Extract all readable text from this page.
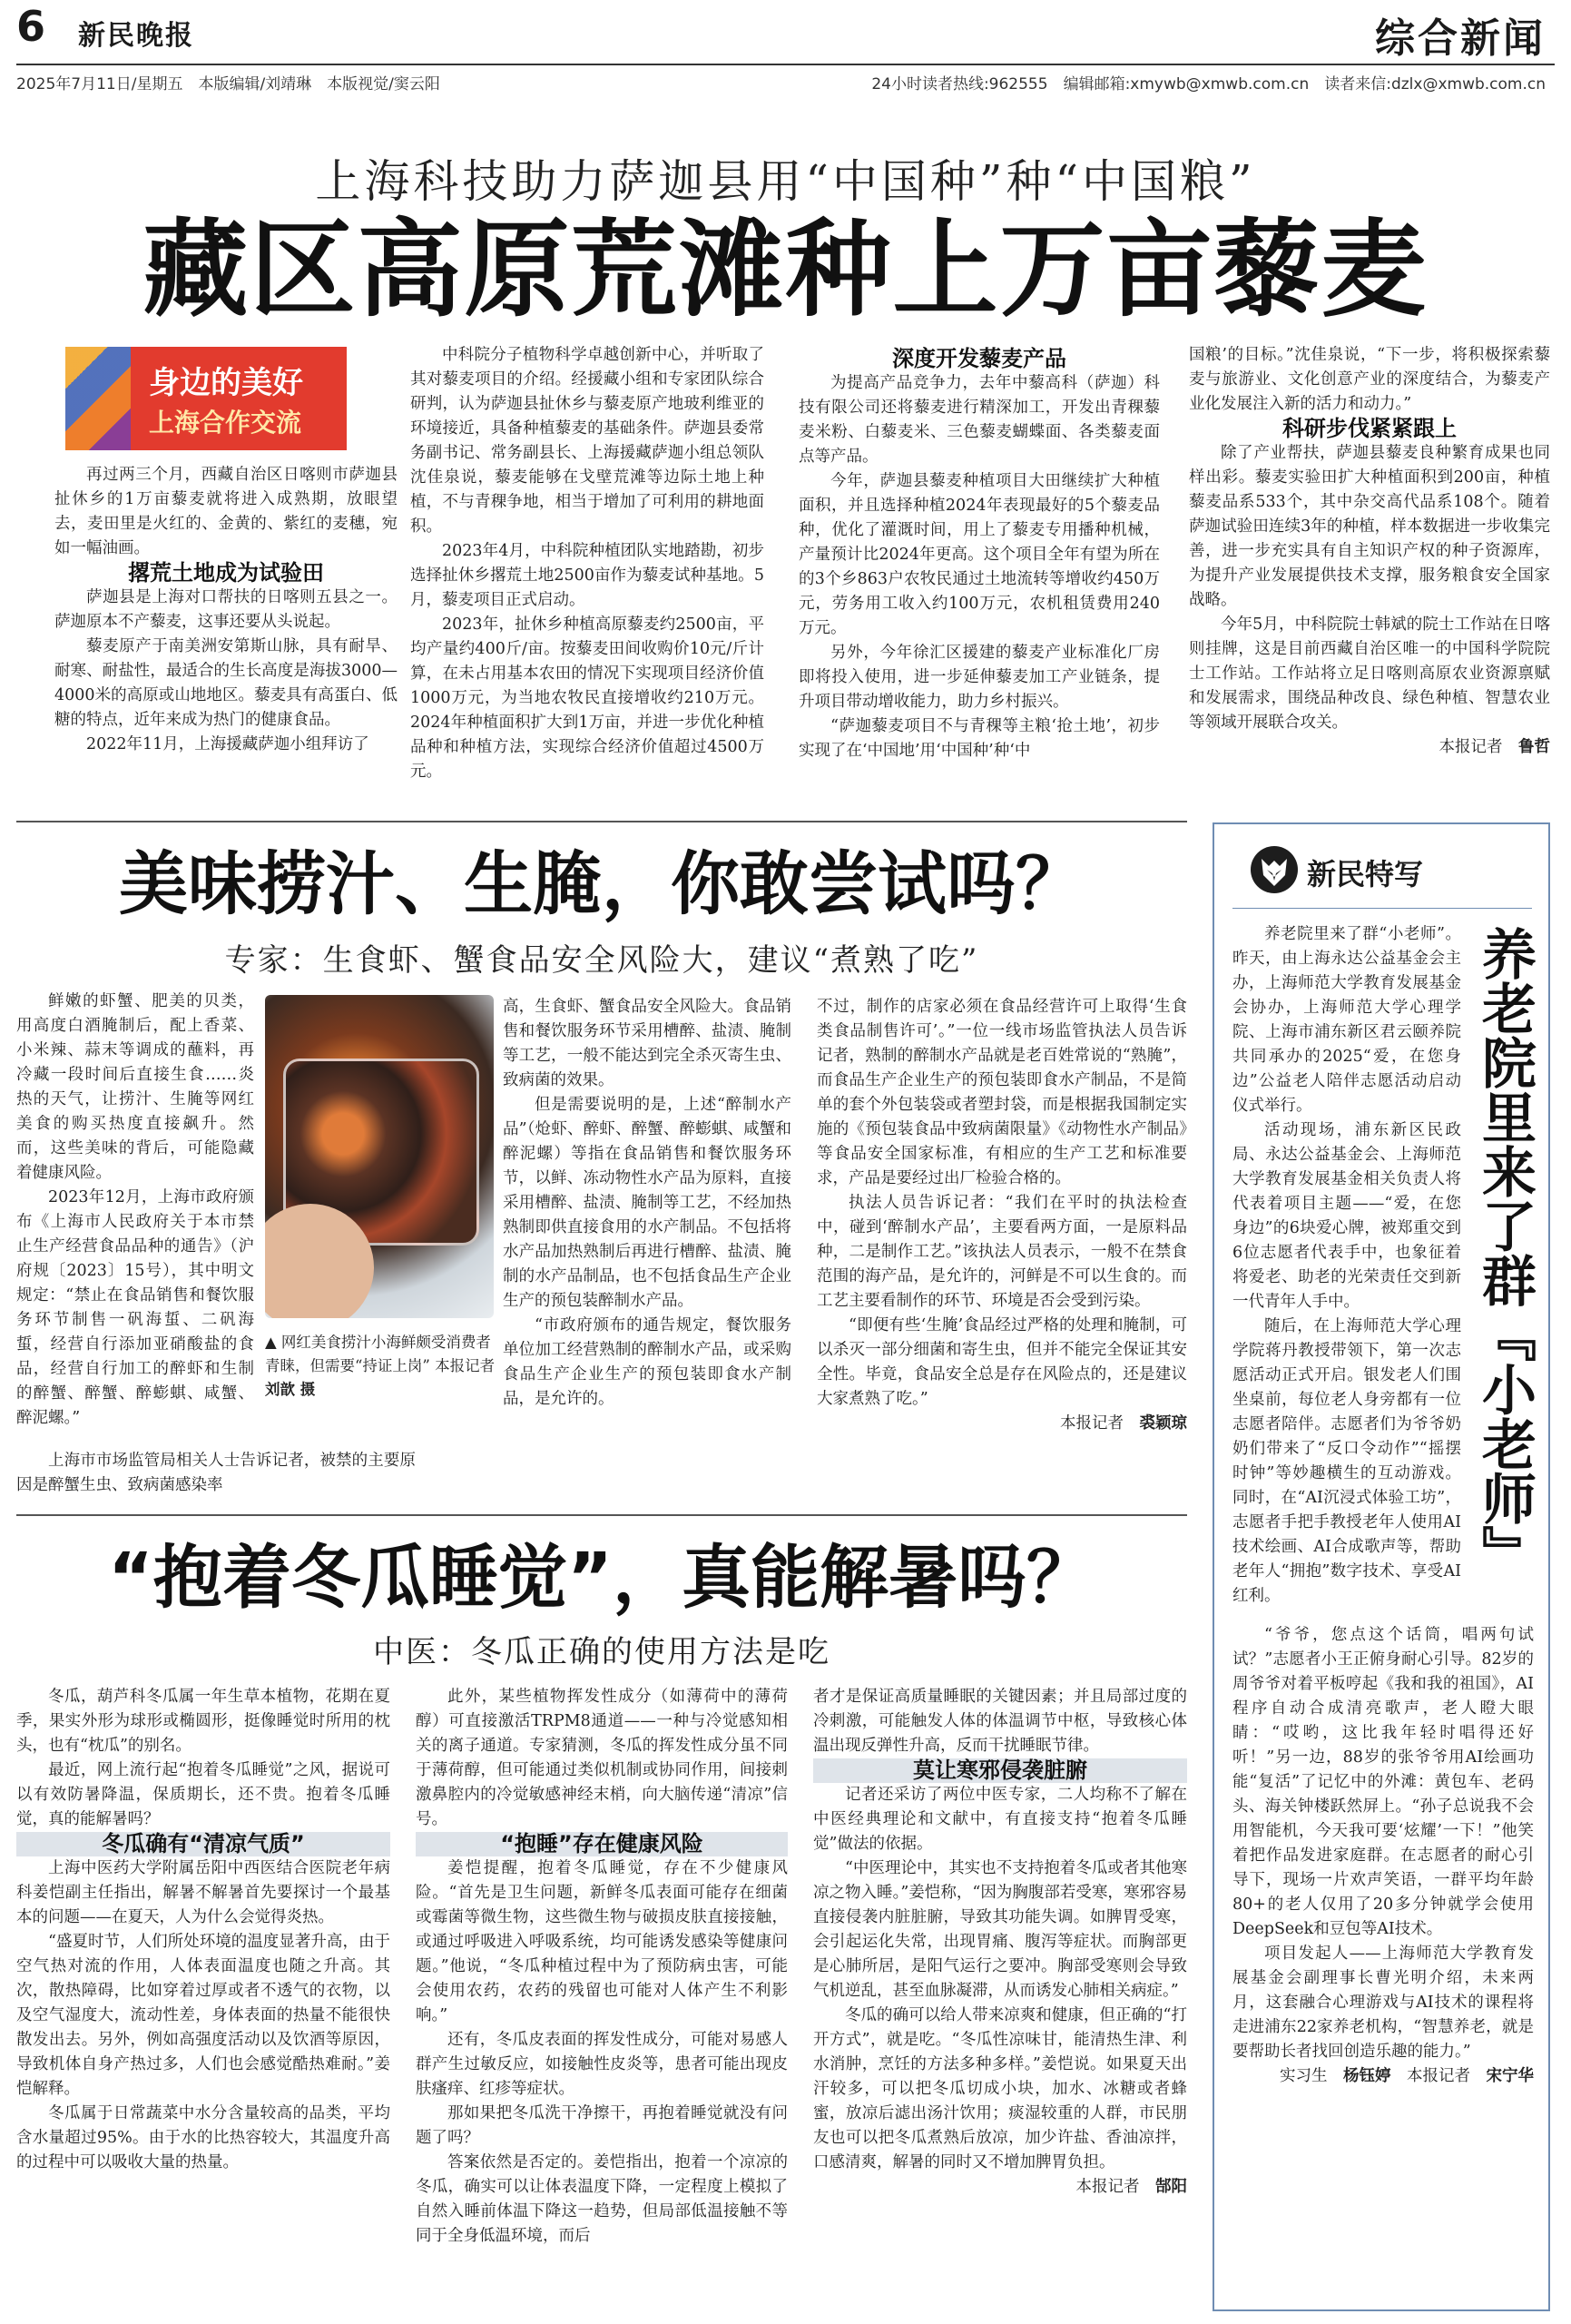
6 新民晚报	综合新闻
2025年7月11日/星期五　本版编辑/刘靖琳　本版视觉/窦云阳	24小时读者热线:962555　编辑邮箱:xmywb@xmwb.com.cn　读者来信:dzlx@xmwb.com.cn
上海科技助力萨迦县用“中国种”种“中国粮”
藏区高原荒滩种上万亩藜麦
身边的美好
上海合作交流

再过两三个月，西藏自治区日喀则市萨迦县扯休乡的1万亩藜麦就将进入成熟期，放眼望去，麦田里是火红的、金黄的、紫红的麦穗，宛如一幅油画。

撂荒土地成为试验田

萨迦县是上海对口帮扶的日喀则五县之一。萨迦原本不产藜麦，这事还要从头说起。

藜麦原产于南美洲安第斯山脉，具有耐旱、耐寒、耐盐性，最适合的生长高度是海拔3000—4000米的高原或山地地区。藜麦具有高蛋白、低糖的特点，近年来成为热门的健康食品。

2022年11月，上海援藏萨迦小组拜访了

中科院分子植物科学卓越创新中心，并听取了其对藜麦项目的介绍。经援藏小组和专家团队综合研判，认为萨迦县扯休乡与藜麦原产地玻利维亚的环境接近，具备种植藜麦的基础条件。萨迦县委常务副书记、常务副县长、上海援藏萨迦小组总领队沈佳泉说，藜麦能够在戈壁荒滩等边际土地上种植，不与青稞争地，相当于增加了可利用的耕地面积。

2023年4月，中科院种植团队实地踏勘，初步选择扯休乡撂荒土地2500亩作为藜麦试种基地。5月，藜麦项目正式启动。

2023年，扯休乡种植高原藜麦约2500亩，平均产量约400斤/亩。按藜麦田间收购价10元/斤计算，在未占用基本农田的情况下实现项目经济价值1000万元，为当地农牧民直接增收约210万元。2024年种植面积扩大到1万亩，并进一步优化种植品种和种植方法，实现综合经济价值超过4500万元。

深度开发藜麦产品

为提高产品竞争力，去年中藜高科（萨迦）科技有限公司还将藜麦进行精深加工，开发出青稞藜麦米粉、白藜麦米、三色藜麦蝴蝶面、各类藜麦面点等产品。

今年，萨迦县藜麦种植项目大田继续扩大种植面积，并且选择种植2024年表现最好的5个藜麦品种，优化了灌溉时间，用上了藜麦专用播种机械，产量预计比2024年更高。这个项目全年有望为所在的3个乡863户农牧民通过土地流转等增收约450万元，劳务用工收入约100万元，农机租赁费用240万元。

另外，今年徐汇区援建的藜麦产业标准化厂房即将投入使用，进一步延伸藜麦加工产业链条，提升项目带动增收能力，助力乡村振兴。

“萨迦藜麦项目不与青稞等主粮‘抢土地’，初步实现了在‘中国地’用‘中国种’种‘中

国粮’的目标。”沈佳泉说，“下一步，将积极探索藜麦与旅游业、文化创意产业的深度结合，为藜麦产业化发展注入新的活力和动力。”

科研步伐紧紧跟上

除了产业帮扶，萨迦县藜麦良种繁育成果也同样出彩。藜麦实验田扩大种植面积到200亩，种植藜麦品系533个，其中杂交高代品系108个。随着萨迦试验田连续3年的种植，样本数据进一步收集完善，进一步充实具有自主知识产权的种子资源库，为提升产业发展提供技术支撑，服务粮食安全国家战略。

今年5月，中科院院士韩斌的院士工作站在日喀则挂牌，这是目前西藏自治区唯一的中国科学院院士工作站。工作站将立足日喀则高原农业资源禀赋和发展需求，围绕品种改良、绿色种植、智慧农业等领域开展联合攻关。

本报记者　 鲁哲

美味捞汁、生腌，你敢尝试吗？
专家：生食虾、蟹食品安全风险大，建议“煮熟了吃”

鲜嫩的虾蟹、肥美的贝类，用高度白酒腌制后，配上香菜、小米辣、蒜末等调成的蘸料，再冷藏一段时间后直接生食……炎热的天气，让捞汁、生腌等网红美食的购买热度直接飙升。然而，这些美味的背后，可能隐藏着健康风险。

2023年12月，上海市政府颁布《上海市人民政府关于本市禁止生产经营食品品种的通告》（沪府规〔2023〕15号），其中明文规定：“禁止在食品销售和餐饮服务环节制售一矾海蜇、二矾海蜇，经营自行添加亚硝酸盐的食品，经营自行加工的醉虾和生制的醉蟹、醉蟹、醉蟛蜞、咸蟹、醉泥螺。”

上海市市场监管局相关人士告诉记者，被禁的主要原因是醉蟹生虫、致病菌感染率

▲ 网红美食捞汁小海鲜颇受消费者青睐，但需要“持证上岗” 本报记者 刘歆 摄

高，生食虾、蟹食品安全风险大。食品销售和餐饮服务环节采用槽醉、盐渍、腌制等工艺，一般不能达到完全杀灭寄生虫、致病菌的效果。

但是需要说明的是，上述“醉制水产品”（炝虾、醉虾、醉蟹、醉蟛蜞、咸蟹和醉泥螺）等指在食品销售和餐饮服务环节，以鲜、冻动物性水产品为原料，直接采用槽醉、盐渍、腌制等工艺，不经加热熟制即供直接食用的水产制品。不包括将水产品加热熟制后再进行槽醉、盐渍、腌制的水产品制品，也不包括食品生产企业生产的预包装醉制水产品。

“市政府颁布的通告规定，餐饮服务单位加工经营熟制的醉制水产品，或采购食品生产企业生产的预包装即食水产制品，是允许的。

不过，制作的店家必须在食品经营许可上取得‘生食类食品制售许可’。”一位一线市场监管执法人员告诉记者，熟制的醉制水产品就是老百姓常说的“熟腌”，而食品生产企业生产的预包装即食水产制品，不是简单的套个外包装袋或者塑封袋，而是根据我国制定实施的《预包装食品中致病菌限量》《动物性水产制品》等食品安全国家标准，有相应的生产工艺和标准要求，产品是要经过出厂检验合格的。

执法人员告诉记者：“我们在平时的执法检查中，碰到‘醉制水产品’，主要看两方面，一是原料品种，二是制作工艺。”该执法人员表示，一般不在禁食范围的海产品，是允许的，河鲜是不可以生食的。而工艺主要看制作的环节、环境是否会受到污染。

“即便有些‘生腌’食品经过严格的处理和腌制，可以杀灭一部分细菌和寄生虫，但并不能完全保证其安全性。毕竟，食品安全总是存在风险点的，还是建议大家煮熟了吃。”

本报记者　 裘颖琼

“抱着冬瓜睡觉”，真能解暑吗？
中医：冬瓜正确的使用方法是吃

冬瓜，葫芦科冬瓜属一年生草本植物，花期在夏季，果实外形为球形或椭圆形，挺像睡觉时所用的枕头，也有“枕瓜”的别名。

最近，网上流行起“抱着冬瓜睡觉”之风，据说可以有效防暑降温，保质期长，还不贵。抱着冬瓜睡觉，真的能解暑吗？

冬瓜确有“清凉气质”

上海中医药大学附属岳阳中西医结合医院老年病科姜恺副主任指出，解暑不解暑首先要探讨一个最基本的问题——在夏天，人为什么会觉得炎热。

“盛夏时节，人们所处环境的温度显著升高，由于空气热对流的作用，人体表面温度也随之升高。其次，散热障碍，比如穿着过厚或者不透气的衣物，以及空气湿度大，流动性差，身体表面的热量不能很快散发出去。另外，例如高强度活动以及饮酒等原因，导致机体自身产热过多，人们也会感觉酷热难耐。”姜恺解释。

冬瓜属于日常蔬菜中水分含量较高的品类，平均含水量超过95%。由于水的比热容较大，其温度升高的过程中可以吸收大量的热量。

此外，某些植物挥发性成分（如薄荷中的薄荷醇）可直接激活TRPM8通道——一种与冷觉感知相关的离子通道。专家猜测，冬瓜的挥发性成分虽不同于薄荷醇，但可能通过类似机制或协同作用，间接刺激鼻腔内的冷觉敏感神经末梢，向大脑传递“清凉”信号。

“抱睡”存在健康风险

姜恺提醒，抱着冬瓜睡觉，存在不少健康风险。“首先是卫生问题，新鲜冬瓜表面可能存在细菌或霉菌等微生物，这些微生物与破损皮肤直接接触，或通过呼吸进入呼吸系统，均可能诱发感染等健康问题。”他说，“冬瓜种植过程中为了预防病虫害，可能会使用农药，农药的残留也可能对人体产生不利影响。”

还有，冬瓜皮表面的挥发性成分，可能对易感人群产生过敏反应，如接触性皮炎等，患者可能出现皮肤瘙痒、红疹等症状。

那如果把冬瓜洗干净擦干，再抱着睡觉就没有问题了吗？

答案依然是否定的。姜恺指出，抱着一个凉凉的冬瓜，确实可以让体表温度下降，一定程度上模拟了自然入睡前体温下降这一趋势，但局部低温接触不等同于全身低温环境，而后

者才是保证高质量睡眠的关键因素；并且局部过度的冷刺激，可能触发人体的体温调节中枢，导致核心体温出现反弹性升高，反而干扰睡眠节律。

莫让寒邪侵袭脏腑

记者还采访了两位中医专家，二人均称不了解在中医经典理论和文献中，有直接支持“抱着冬瓜睡觉”做法的依据。

“中医理论中，其实也不支持抱着冬瓜或者其他寒凉之物入睡。”姜恺称，“因为胸腹部若受寒，寒邪容易直接侵袭内脏脏腑，导致其功能失调。如脾胃受寒，会引起运化失常，出现胃痛、腹泻等症状。而胸部更是心肺所居，是阳气运行之要冲。胸部受寒则会导致气机逆乱，甚至血脉凝滞，从而诱发心肺相关病症。”

冬瓜的确可以给人带来凉爽和健康，但正确的“打开方式”，就是吃。“冬瓜性凉味甘，能清热生津、利水消肿，烹饪的方法多种多样。”姜恺说。如果夏天出汗较多，可以把冬瓜切成小块，加水、冰糖或者蜂蜜，放凉后滤出汤汁饮用；痰湿较重的人群，市民朋友也可以把冬瓜煮熟后放凉，加少许盐、香油凉拌，口感清爽，解暑的同时又不增加脾胃负担。

本报记者　 郜阳

新民特写
养老院里来了群『小老师』

养老院里来了群“小老师”。昨天，由上海永达公益基金会主办，上海师范大学教育发展基金会协办，上海师范大学心理学院、上海市浦东新区君云颐养院共同承办的2025“爱，在您身边”公益老人陪伴志愿活动启动仪式举行。

活动现场，浦东新区民政局、永达公益基金会、上海师范大学教育发展基金相关负责人将代表着项目主题——“爱，在您身边”的6块爱心牌，被郑重交到6位志愿者代表手中，也象征着将爱老、助老的光荣责任交到新一代青年人手中。

随后，在上海师范大学心理学院蒋丹教授带领下，第一次志愿活动正式开启。银发老人们围坐桌前，每位老人身旁都有一位志愿者陪伴。志愿者们为爷爷奶奶们带来了“反口令动作”“摇摆时钟”等妙趣横生的互动游戏。同时，在“AI沉浸式体验工坊”，志愿者手把手教授老年人使用AI技术绘画、AI合成歌声等，帮助老年人“拥抱”数字技术、享受AI红利。

“爷爷，您点这个话筒，唱两句试试？”志愿者小王正俯身耐心引导。82岁的周爷爷对着平板哼起《我和我的祖国》，AI程序自动合成清亮歌声，老人瞪大眼睛：“哎哟，这比我年轻时唱得还好听！”另一边，88岁的张爷爷用AI绘画功能“复活”了记忆中的外滩：黄包车、老码头、海关钟楼跃然屏上。“孙子总说我不会用智能机，今天我可要‘炫耀’一下！”他笑着把作品发进家庭群。在志愿者的耐心引导下，现场一片欢声笑语，一群平均年龄80+的老人仅用了20多分钟就学会使用DeepSeek和豆包等AI技术。

项目发起人——上海师范大学教育发展基金会副理事长曹光明介绍，未来两月，这套融合心理游戏与AI技术的课程将走进浦东22家养老机构，“智慧养老，就是要帮助长者找回创造乐趣的能力。”

实习生　 杨钰婷　 本报记者　 宋宁华
